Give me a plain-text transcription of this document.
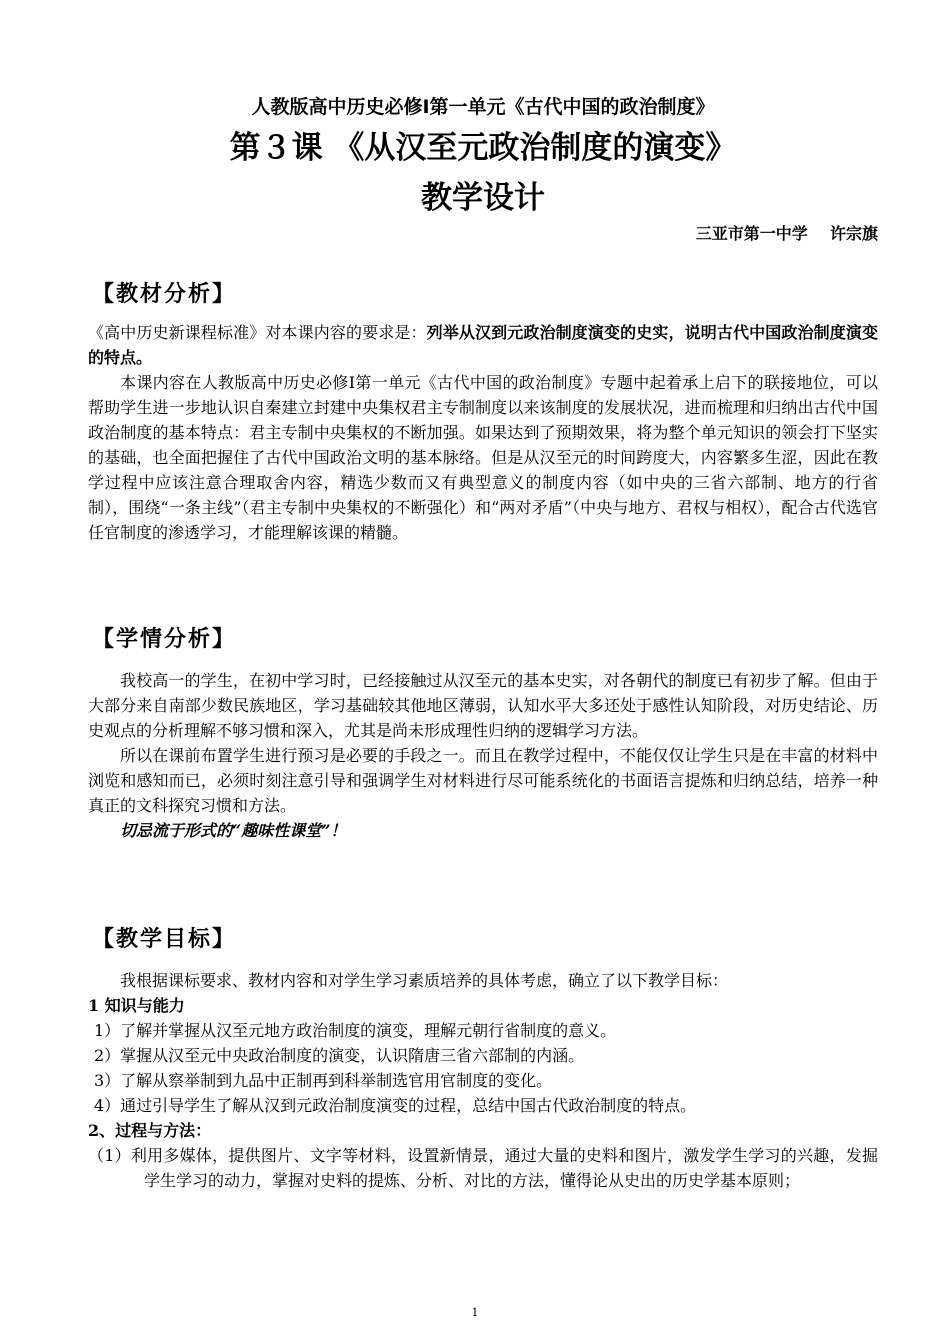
人教版高中历史必修Ⅰ第一单元《古代中国的政治制度》
第３课 《从汉至元政治制度的演变》
教学设计
三亚市第一中学    许宗旗
【教材分析】

《高中历史新课程标准》对本课内容的要求是：列举从汉到元政治制度演变的史实，说明古代中国政治制度演变的特点。

本课内容在人教版高中历史必修Ⅰ第一单元《古代中国的政治制度》专题中起着承上启下的联接地位，可以帮助学生进一步地认识自秦建立封建中央集权君主专制制度以来该制度的发展状况，进而梳理和归纳出古代中国政治制度的基本特点：君主专制中央集权的不断加强。如果达到了预期效果，将为整个单元知识的领会打下坚实的基础，也全面把握住了古代中国政治文明的基本脉络。但是从汉至元的时间跨度大，内容繁多生涩，因此在教学过程中应该注意合理取舍内容，精选少数而又有典型意义的制度内容（如中央的三省六部制、地方的行省制），围绕“一条主线”（君主专制中央集权的不断强化）和“两对矛盾”（中央与地方、君权与相权），配合古代选官任官制度的渗透学习，才能理解该课的精髓。

【学情分析】

我校高一的学生，在初中学习时，已经接触过从汉至元的基本史实，对各朝代的制度已有初步了解。但由于大部分来自南部少数民族地区，学习基础较其他地区薄弱，认知水平大多还处于感性认知阶段，对历史结论、历史观点的分析理解不够习惯和深入，尤其是尚未形成理性归纳的逻辑学习方法。

所以在课前布置学生进行预习是必要的手段之一。而且在教学过程中，不能仅仅让学生只是在丰富的材料中浏览和感知而已，必须时刻注意引导和强调学生对材料进行尽可能系统化的书面语言提炼和归纳总结，培养一种真正的文科探究习惯和方法。

切忌流于形式的“趣味性课堂”！

【教学目标】

我根据课标要求、教材内容和对学生学习素质培养的具体考虑，确立了以下教学目标：

1 知识与能力

1）了解并掌握从汉至元地方政治制度的演变，理解元朝行省制度的意义。

2）掌握从汉至元中央政治制度的演变，认识隋唐三省六部制的内涵。

3）了解从察举制到九品中正制再到科举制选官用官制度的变化。

4）通过引导学生了解从汉到元政治制度演变的过程，总结中国古代政治制度的特点。

2、过程与方法：

（1）利用多媒体，提供图片、文字等材料，设置新情景，通过大量的史料和图片，激发学生学习的兴趣，发掘学生学习的动力，掌握对史料的提炼、分析、对比的方法，懂得论从史出的历史学基本原则；

1
